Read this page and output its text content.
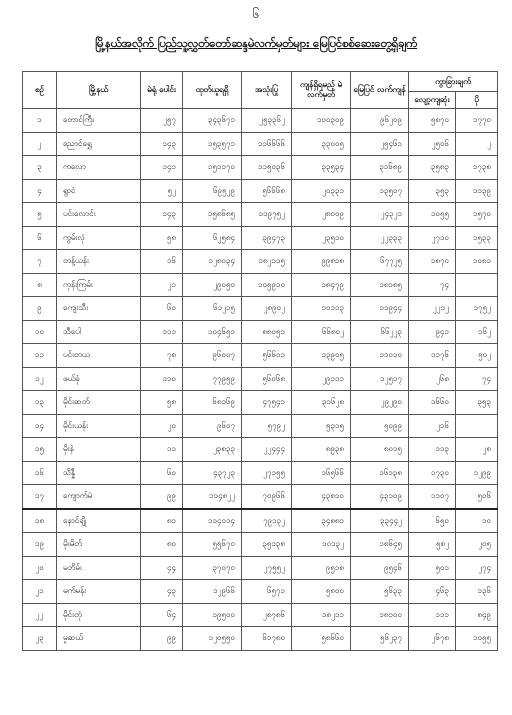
၆
မြို့နယ်အလိုက် ပြည်သူ့လွှတ်တော်ဆန္ဒမဲလက်မှတ်များ မြေပြင်စစ်ဆေးတွေ့ရှိချက်
စဉ်	မြို့နယ်	မဲရုံ ပေါင်း	ထုတ်ယူရရှိ	အသုံးပြု	ကျန်ရှိရမည့် မဲလက်မှတ်	မြေပြင် လက်ကျန်	ကွာခြားချက်	
							လျော့ကျဆုံး	ပို
၁	တောင်ကြီး	၂၅၇	၃၄၃၆၇၁	၂၅၃၃၆၂	၁၀၀၃၀၉	၉၆၂၀၉	၅၈၇၀	၁၇၇၀
၂	ညောင်ရွှေ	၁၄၃	၁၅၃၅၇၁	၁၁၆၆၆၆	၃၃၀၀၅	၂၅၄၆၁	၂၅၀၆	၂
၃	ကလော	၁၄၁	၁၅၁၁၇၀	၁၁၅၀၃၆	၃၃၅၃၄	၃၁၆၈၉	၃၅၈၃	၁၇၃၈
၄	ရွာငံ	၅၂	၆၉၅၂၉	၅၆၆၆၈	၂၀၃၃၁	၁၃၅၀၇	၃၅၃	၁၁၃၉
၅	ပင်းလောင်း	၁၄၃	၁၅၈၆၈၅	၁၁၉၇၅၂	၂၈၀၀၉	၂၄၃၂၁	၁၀၅၅	၁၅၇၀
၆	ကွမ်းလုံ	၅၈	၆၂၅၈၄	၃၉၄၇၃	၂၃၅၁၀	၂၂၃၃၃	၂၇၁၀	၁၅၃၃
၇	တန့်ယန်း	၁၆	၁၂၈၀၃၄	၁၈၂၁၁၅	၉၉၈၁၈	၆၇၇၂၅	၁၈၇၀	၁၀၈၁
၈	ကုန်းကြမ်း	၂၁	၂၉၀၅၀	၁၀၅၉၁၀	၁၈၄၇၉	၁၈၁၈၅	၇၄	
၉	ကျေးသီး	၆၀	၆၁၂၁၅	၂၈၉၀၂	၁၀၁၁၃	၁၁၉၄၄	၂၂၁၂	၁၇၅၂
၁၀	သီပေါ	၁၁၁	၁၀၄၆၅၁	၈၈၀၅၁	၆၆၈၀၂	၆၆၂၂၃	၉၄၁	၁၆၂
၁၁	ပင်းတယ	၇၈	၉၆၀၀၇	၅၆၆၀၁	၁၃၉၀၅	၁၁၀၁၀	၁၁၇၆	၅၀၂
၁၂	ဖယ်ခုံ	၁၁၀	၇၇၉၅၉	၅၆၀၆၈	၂၉၁၁၁	၁၂၅၁၇	၂၆၈	၇၄
၁၃	မိုင်းဆတ်	၅၈	၆၈၁၆၉	၄၇၅၄၁	၃၁၆၂၈	၂၉၂၉၀	၁၆၆၀	၃၅၃
၁၄	မိုင်းယန်း	၂၀	၉၆၀၇	၅၇၉၂	၅၃၁၅	၅၀၉၉	၂၁၆	
၁၅	မိုးနဲ	၁၁	၂၃၈၃၃	၂၂၄၄၄	၈၉၃၈	၈၀၁၅	၁၁၃	၂၈
၁၆	သိန္နီ	၆၀	၄၃၇၂၃	၂၇၁၅၅	၁၆၅၆၆	၁၆၁၃၈	၁၇၃၀	၁၂၉၉
၁၇	ကျောက်မဲ	၉၉	၁၁၄၈၂၂	၇၀၉၆၆	၄၃၈၁၀	၄၃၁၀၉	၁၁၀၇	၅၀၆
၁၈	နောင်ချို	၈၁	၁၁၄၀၁၄	၇၉၁၃၂	၃၄၈၈၁	၃၃၄၄၂	၆၅၀	၁၀
၁၉	မိုးမိတ်	၈၀	၅၅၆၇၀	၃၅၁၃၈	၁၀၁၃၂	၁၈၆၄၅	၅၈၂	၂၀၅
၂၀	မဘိမ်း	၄၄	၃၇၀၇၀	၂၇၅၅၂	၉၅၁၈	၉၅၄၆	၅၀၁	၂၇၄
၂၁	မက်မန်း	၄၃	၁၂၉၆၆	၆၅၇၁	၅၈၀၀	၅၆၃၃	၄၆၃	၁၃၆
၂၂	မိုင်းတုံ	၆၄	၁၉၅၀၀	၂၈၇၈၆	၁၈၂၁၁	၁၈၁၀၀	၁၁၁	၈၄၉
၂၃	မူဆယ်	၉၉	၁၂၀၅၅၀	၆၁၇၈၀	၅၈၆၆၀	၅၆၂၃၇	၂၆၇၈	၁၀၅၅
